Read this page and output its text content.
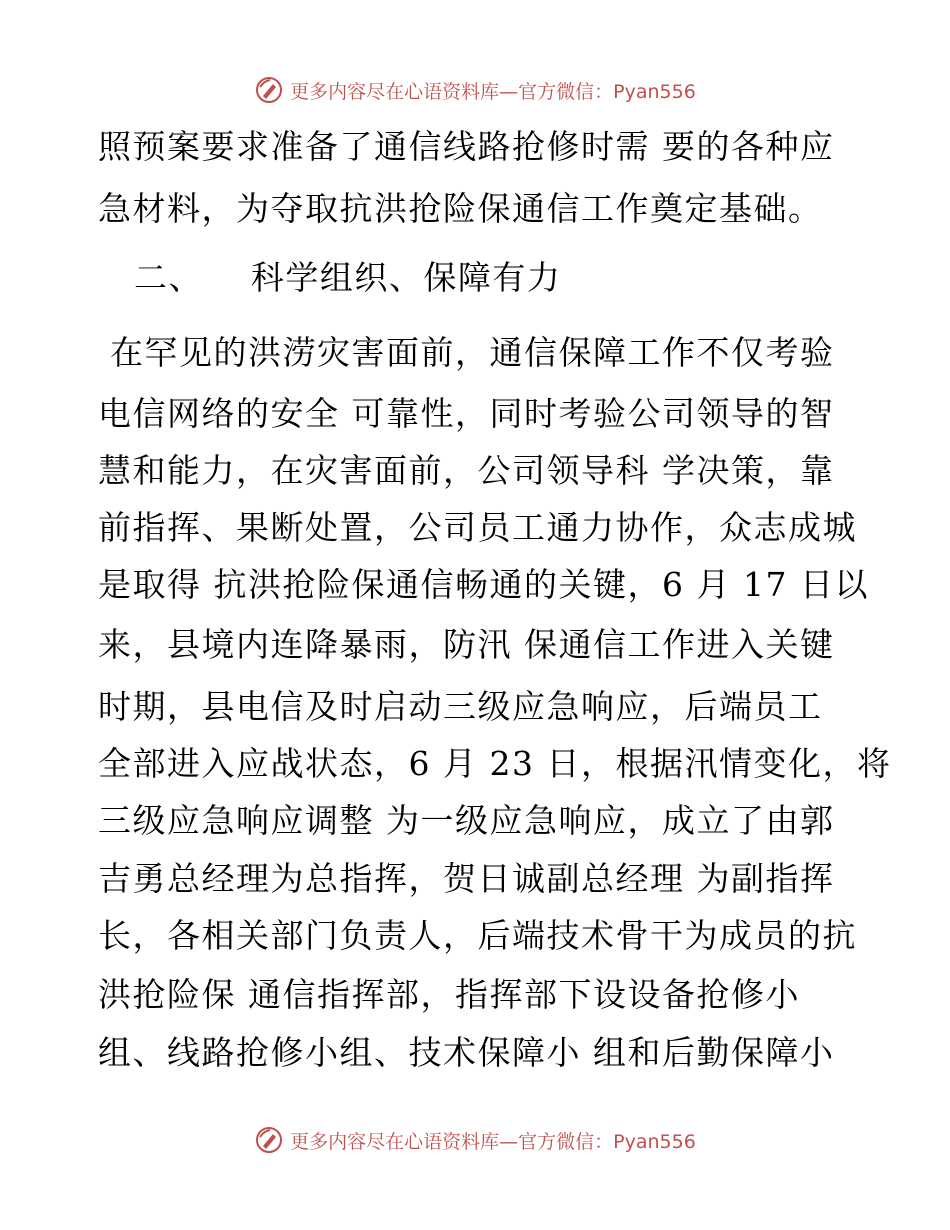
更多内容尽在心语资料库—官方微信：Pyan556
照预案要求准备了通信线路抢修时需 要的各种应
急材料，为夺取抗洪抢险保通信工作奠定基础。
二、    科学组织、保障有力
在罕见的洪涝灾害面前，通信保障工作不仅考验
电信网络的安全 可靠性，同时考验公司领导的智
慧和能力，在灾害面前，公司领导科 学决策，靠
前指挥、果断处置，公司员工通力协作，众志成城
是取得 抗洪抢险保通信畅通的关键，6 月 17 日以
来，县境内连降暴雨，防汛 保通信工作进入关键
时期，县电信及时启动三级应急响应，后端员工
全部进入应战状态，6 月 23 日，根据汛情变化，将
三级应急响应调整 为一级应急响应，成立了由郭
吉勇总经理为总指挥，贺日诚副总经理 为副指挥
长，各相关部门负责人，后端技术骨干为成员的抗
洪抢险保 通信指挥部，指挥部下设设备抢修小
组、线路抢修小组、技术保障小 组和后勤保障小
更多内容尽在心语资料库—官方微信：Pyan556
